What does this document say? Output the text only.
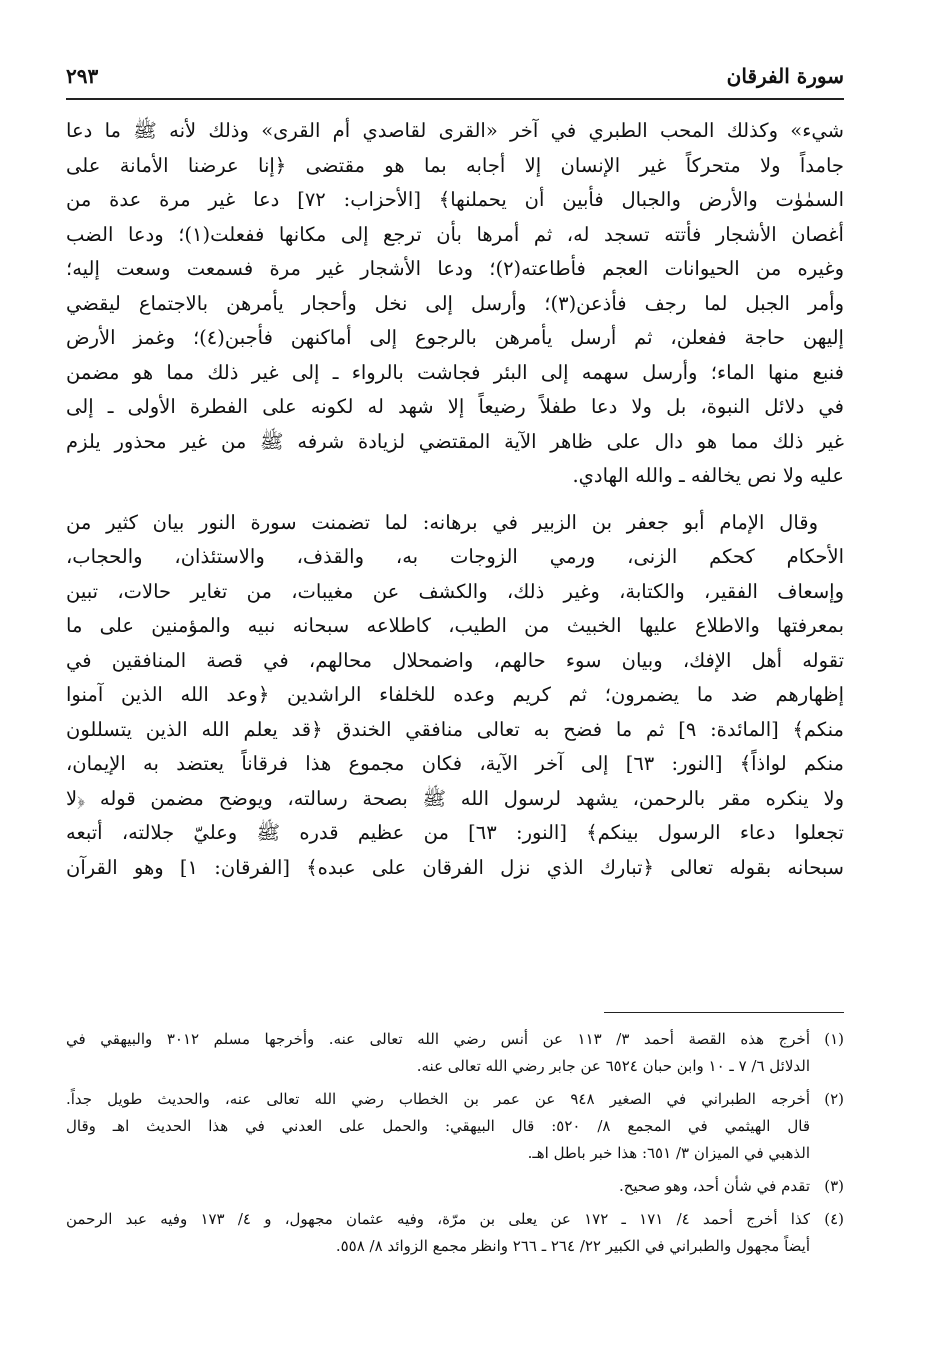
سورة الفرقان
٢٩٣
شيء» وكذلك المحب الطبري في آخر «القرى لقاصدي أم القرى» وذلك لأنه ﷺ ما دعا
جامداً ولا متحركاً غير الإنسان إلا أجابه بما هو مقتضى ﴿إنا عرضنا الأمانة على
السمٰوٰت والأرض والجبال فأبين أن يحملنها﴾ [الأحزاب: ٧٢] دعا غير مرة عدة من
أغصان الأشجار فأتته تسجد له، ثم أمرها بأن ترجع إلى مكانها ففعلت(١)؛ ودعا الضب
وغيره من الحيوانات العجم فأطاعته(٢)؛ ودعا الأشجار غير مرة فسمعت وسعت إليه؛
وأمر الجبل لما رجف فأذعن(٣)؛ وأرسل إلى نخل وأحجار يأمرهن بالاجتماع ليقضي
إليهن حاجة ففعلن، ثم أرسل يأمرهن بالرجوع إلى أماكنهن فأجبن(٤)؛ وغمز الأرض
فنبع منها الماء؛ وأرسل سهمه إلى البئر فجاشت بالرواء ـ إلى غير ذلك مما هو مضمن
في دلائل النبوة، بل ولا دعا طفلاً رضيعاً إلا شهد له لكونه على الفطرة الأولى ـ إلى
غير ذلك مما هو دال على ظاهر الآية المقتضي لزيادة شرفه ﷺ من غير محذور يلزم
عليه ولا نص يخالفه ـ والله الهادي.
وقال الإمام أبو جعفر بن الزبير في برهانه: لما تضمنت سورة النور بيان كثير من
الأحكام كحكم الزنى، ورمي الزوجات به، والقذف، والاستئذان، والحجاب،
وإسعاف الفقير، والكتابة، وغير ذلك، والكشف عن مغيبات، من تغاير حالات، تبين
بمعرفتها والاطلاع عليها الخبيث من الطيب، كاطلاعه سبحانه نبيه والمؤمنين على ما
تقوله أهل الإفك، وبيان سوء حالهم، واضمحلال محالهم، في قصة المنافقين في
إظهارهم ضد ما يضمرون؛ ثم كريم وعده للخلفاء الراشدين ﴿وعد الله الذين آمنوا
منكم﴾ [المائدة: ٩] ثم ما فضح به تعالى منافقي الخندق ﴿قد يعلم الله الذين يتسللون
منكم لواذاً﴾ [النور: ٦٣] إلى آخر الآية، فكان مجموع هذا فرقاناً يعتضد به الإيمان،
ولا ينكره مقر بالرحمن، يشهد لرسول الله ﷺ بصحة رسالته، ويوضح مضمن قوله ﴿لا
تجعلوا دعاء الرسول بينكم﴾ [النور: ٦٣] من عظيم قدره ﷺ وعليّ جلالته، أتبعه
سبحانه بقوله تعالى ﴿تبارك الذي نزل الفرقان على عبده﴾ [الفرقان: ١] وهو القرآن
(١)
أخرج هذه القصة أحمد ٣/ ١١٣ عن أنس رضي الله تعالى عنه. وأخرجها مسلم ٣٠١٢ والبيهقي في
الدلائل ٦/ ٧ ـ ١٠ وابن حبان ٦٥٢٤ عن جابر رضي الله تعالى عنه.
(٢)
أخرجه الطبراني في الصغير ٩٤٨ عن عمر بن الخطاب رضي الله تعالى عنه، والحديث طويل جداً.
قال الهيثمي في المجمع ٨/ ٥٢٠: قال البيهقي: والحمل على العدني في هذا الحديث اهـ وقال
الذهبي في الميزان ٣/ ٦٥١: هذا خبر باطل اهـ.
(٣)
تقدم في شأن أحد، وهو صحيح.
(٤)
كذا أخرج أحمد ٤/ ١٧١ ـ ١٧٢ عن يعلى بن مرّة، وفيه عثمان مجهول، و ٤/ ١٧٣ وفيه عبد الرحمن
أيضاً مجهول والطبراني في الكبير ٢٢/ ٢٦٤ ـ ٢٦٦ وانظر مجمع الزوائد ٨/ ٥٥٨.
